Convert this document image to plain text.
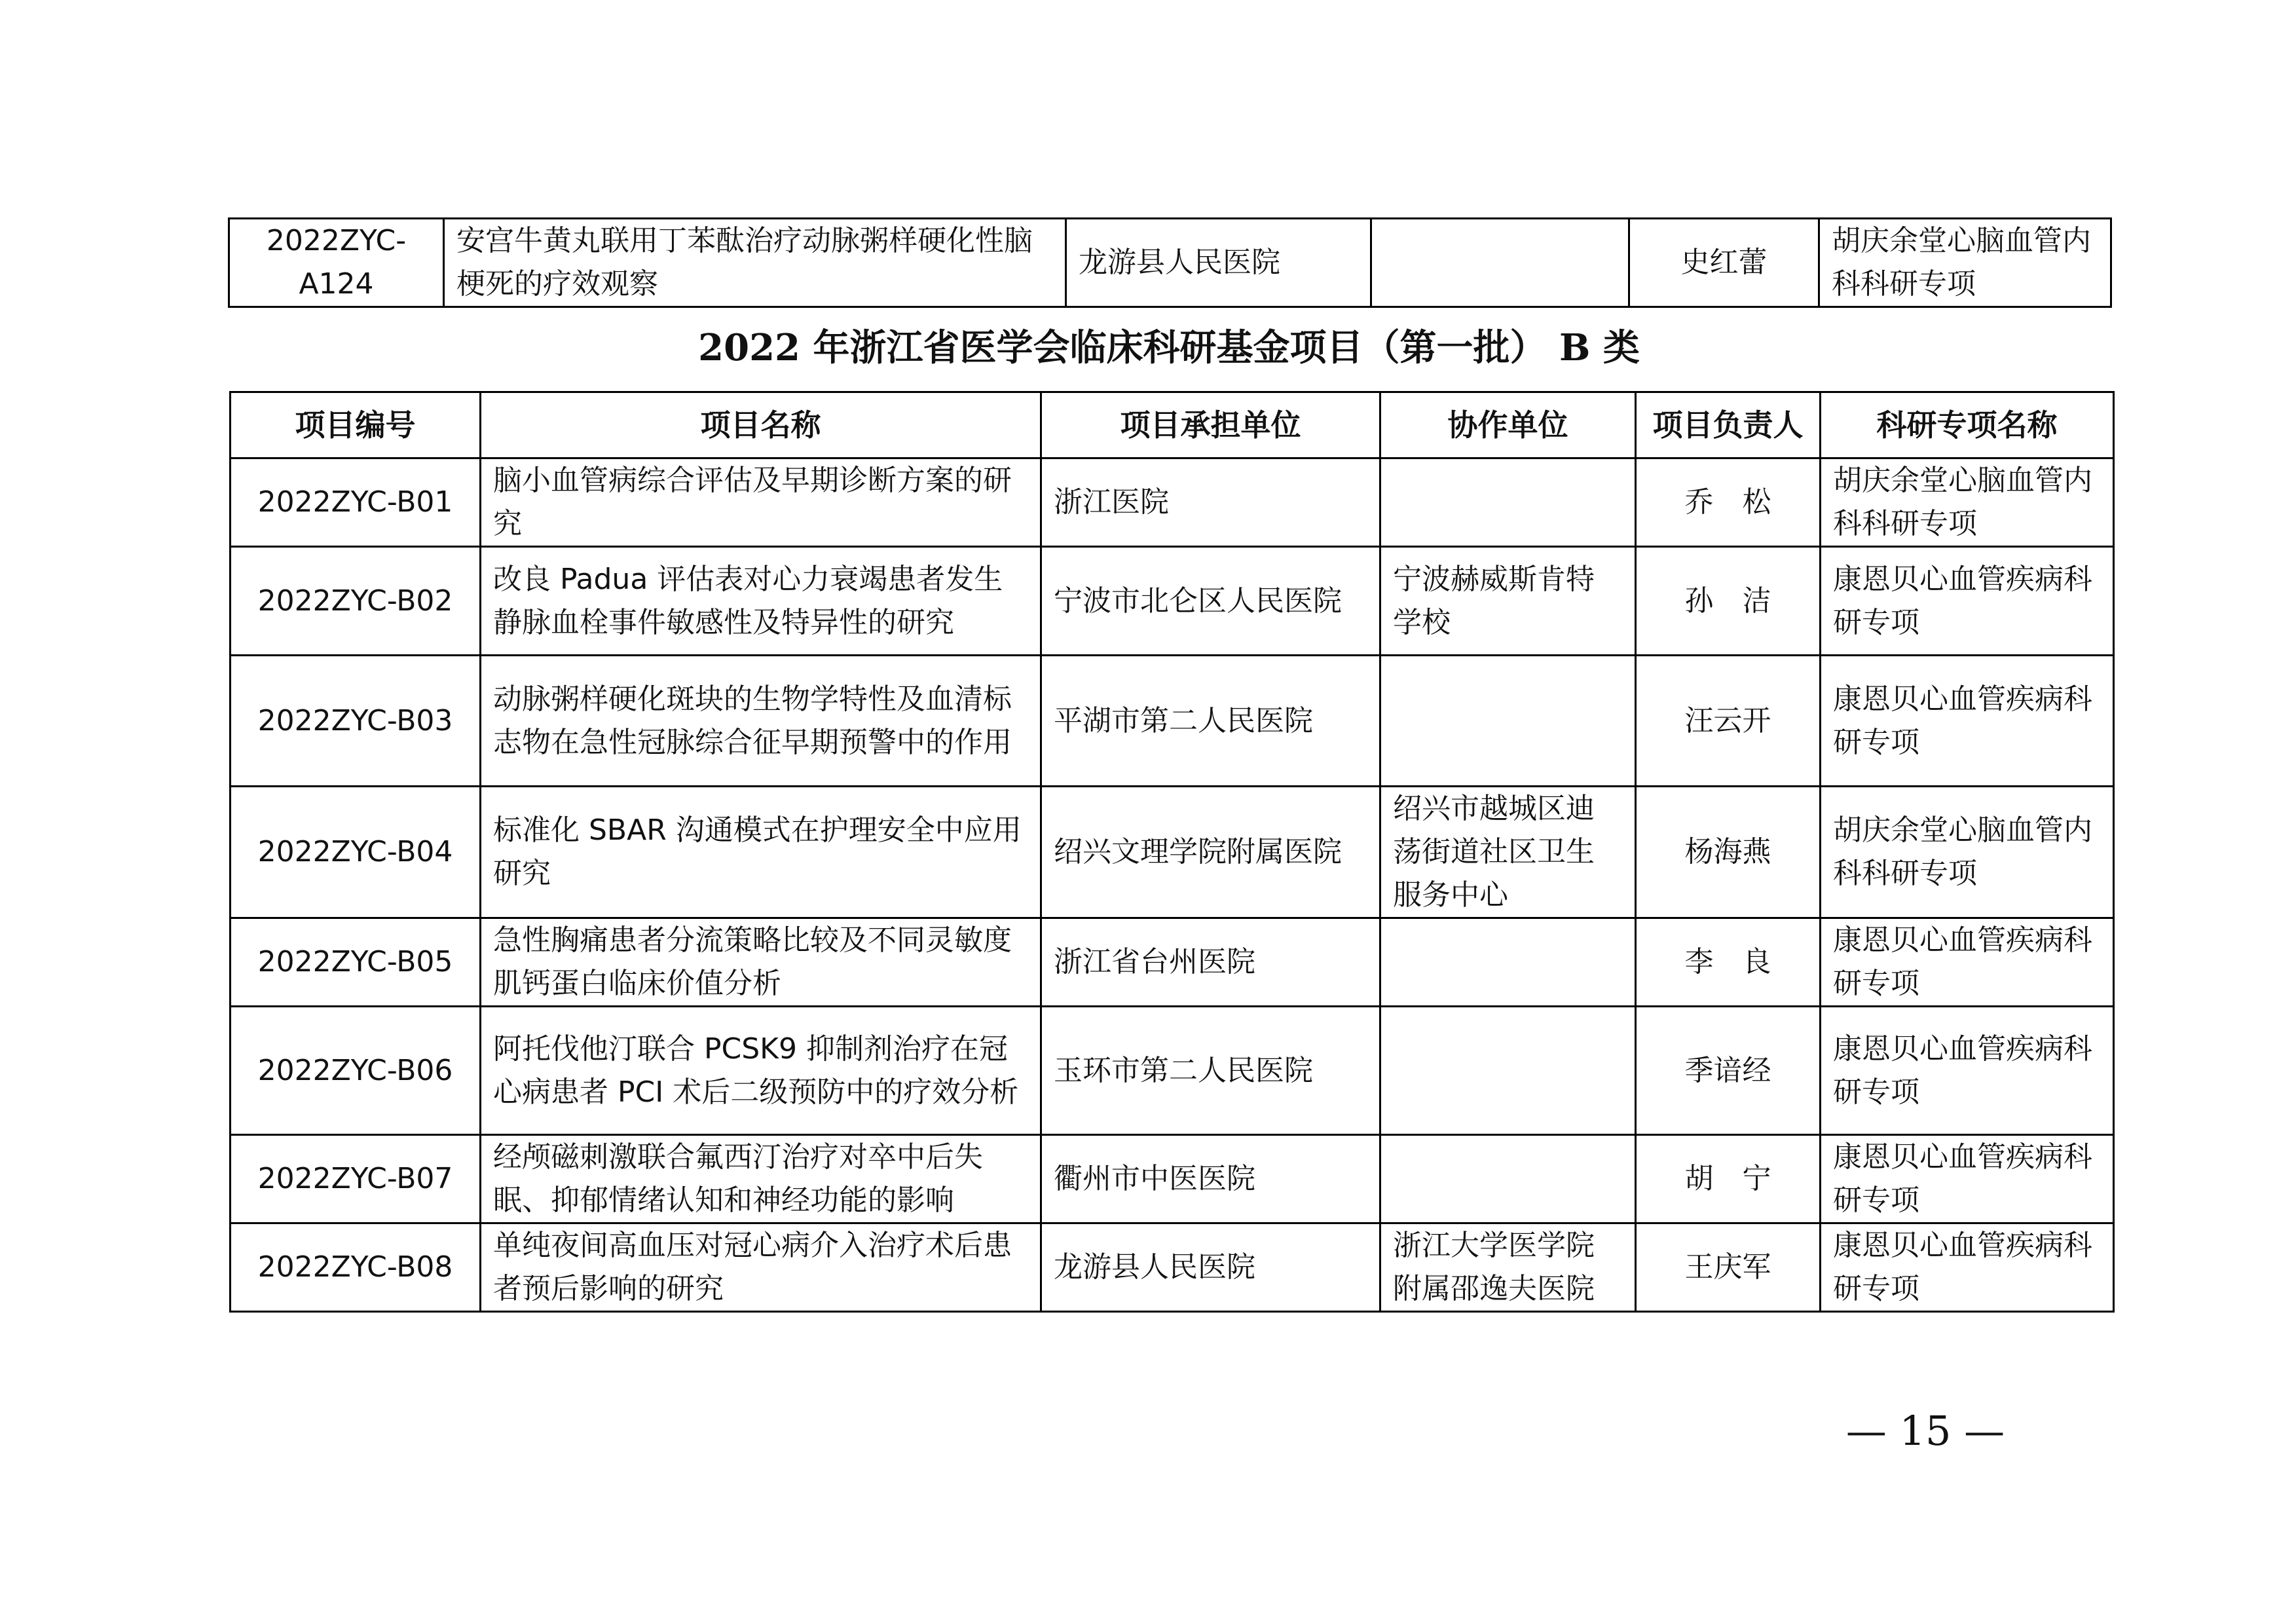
2022ZYC-A124	安宫牛黄丸联用丁苯酞治疗动脉粥样硬化性脑梗死的疗效观察	龙游县人民医院		史红蕾	胡庆余堂心脑血管内科科研专项
2022 年浙江省医学会临床科研基金项目（第一批） B 类
项目编号	项目名称	项目承担单位	协作单位	项目负责人	科研专项名称
2022ZYC-B01	脑小血管病综合评估及早期诊断方案的研究	浙江医院		乔　松	胡庆余堂心脑血管内科科研专项
2022ZYC-B02	改良 Padua 评估表对心力衰竭患者发生静脉血栓事件敏感性及特异性的研究	宁波市北仑区人民医院	宁波赫威斯肯特学校	孙　洁	康恩贝心血管疾病科研专项
2022ZYC-B03	动脉粥样硬化斑块的生物学特性及血清标志物在急性冠脉综合征早期预警中的作用	平湖市第二人民医院		汪云开	康恩贝心血管疾病科研专项
2022ZYC-B04	标准化 SBAR 沟通模式在护理安全中应用研究	绍兴文理学院附属医院	绍兴市越城区迪荡街道社区卫生服务中心	杨海燕	胡庆余堂心脑血管内科科研专项
2022ZYC-B05	急性胸痛患者分流策略比较及不同灵敏度肌钙蛋白临床价值分析	浙江省台州医院		李　良	康恩贝心血管疾病科研专项
2022ZYC-B06	阿托伐他汀联合 PCSK9 抑制剂治疗在冠心病患者 PCI 术后二级预防中的疗效分析	玉环市第二人民医院		季谙经	康恩贝心血管疾病科研专项
2022ZYC-B07	经颅磁刺激联合氟西汀治疗对卒中后失眠、抑郁情绪认知和神经功能的影响	衢州市中医医院		胡　宁	康恩贝心血管疾病科研专项
2022ZYC-B08	单纯夜间高血压对冠心病介入治疗术后患者预后影响的研究	龙游县人民医院	浙江大学医学院附属邵逸夫医院	王庆军	康恩贝心血管疾病科研专项
— 15 —
